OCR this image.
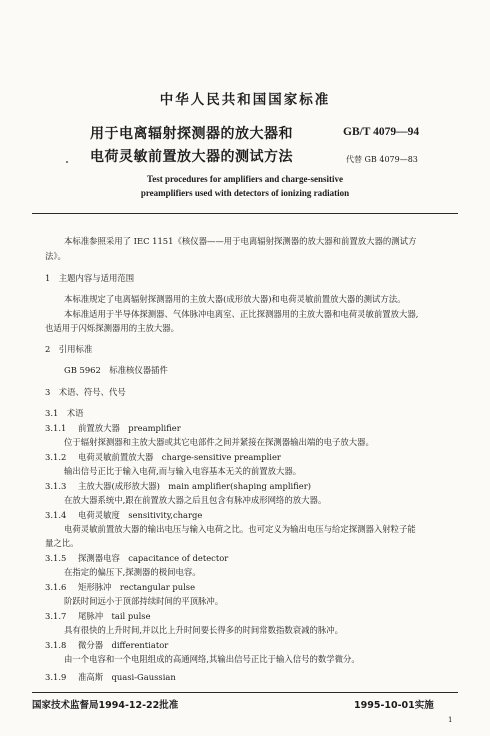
中华人民共和国国家标准
用于电离辐射探测器的放大器和
电荷灵敏前置放大器的测试方法
GB/T 4079—94
代替 GB 4079—83
Test procedures for amplifiers and charge-sensitive
preamplifiers used with detectors of ionizing radiation
本标准参照采用了 IEC 1151《核仪器——用于电离辐射探测器的放大器和前置放大器的测试方
法》。
1　主题内容与适用范围
本标准规定了电离辐射探测器用的主放大器(成形放大器)和电荷灵敏前置放大器的测试方法。
本标准适用于半导体探测器、气体脉冲电离室、正比探测器用的主放大器和电荷灵敏前置放大器,
也适用于闪烁探测器用的主放大器。
2　引用标准
GB 5962　标准核仪器插件
3　术语、符号、代号
3.1　术语
3.1.1 前置放大器　preamplifier
位于辐射探测器和主放大器或其它电部件之间并紧接在探测器输出端的电子放大器。
3.1.2 电荷灵敏前置放大器　charge-sensitive preamplier
输出信号正比于输入电荷,而与输入电容基本无关的前置放大器。
3.1.3 主放大器(成形放大器)　main amplifier(shaping amplifier)
在放大器系统中,跟在前置放大器之后且包含有脉冲成形网络的放大器。
3.1.4 电荷灵敏度　sensitivity,charge
电荷灵敏前置放大器的输出电压与输入电荷之比。也可定义为输出电压与给定探测器入射粒子能
量之比。
3.1.5 探测器电容　capacitance of detector
在指定的偏压下,探测器的极间电容。
3.1.6 矩形脉冲　rectangular pulse
阶跃时间远小于顶部持续时间的平顶脉冲。
3.1.7 尾脉冲　tail pulse
具有很快的上升时间,并以比上升时间要长得多的时间常数指数衰减的脉冲。
3.1.8 微分器　differentiator
由一个电容和一个电阻组成的高通网络,其输出信号正比于输入信号的数学微分。
3.1.9 准高斯　quasi-Gaussian
国家技术监督局1994-12-22批准	1995-10-01实施
1
